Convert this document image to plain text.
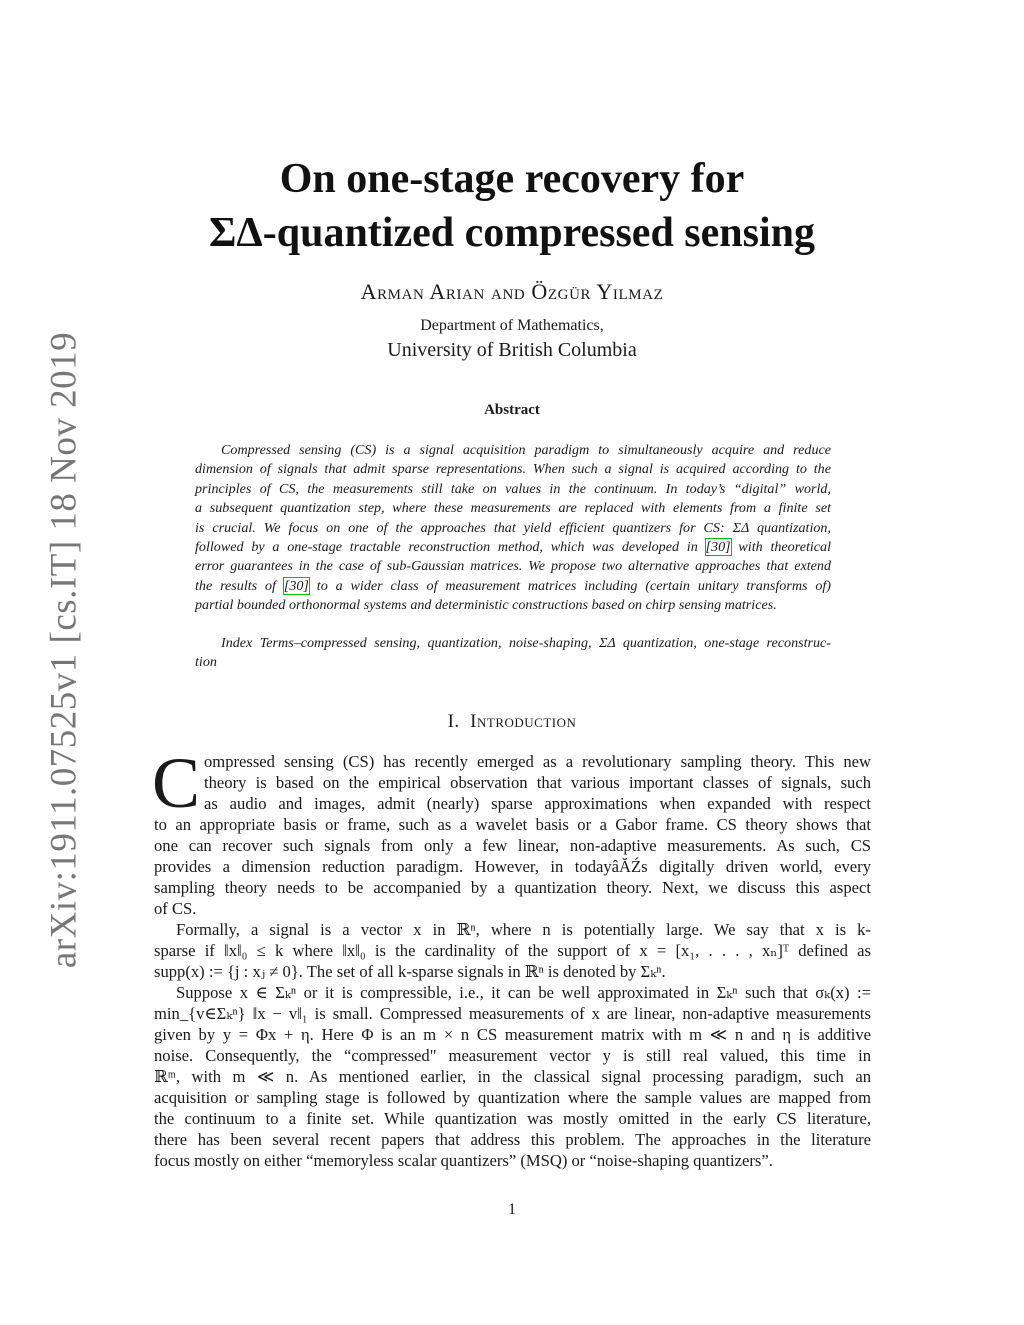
arXiv:1911.07525v1 [cs.IT] 18 Nov 2019
On one-stage recovery for
ΣΔ-quantized compressed sensing
Arman Arian and Özgür Yilmaz
Department of Mathematics,
University of British Columbia
Abstract
Compressed sensing (CS) is a signal acquisition paradigm to simultaneously acquire and reduce
dimension of signals that admit sparse representations. When such a signal is acquired according to the
principles of CS, the measurements still take on values in the continuum. In today’s “digital” world,
a subsequent quantization step, where these measurements are replaced with elements from a finite set
is crucial. We focus on one of the approaches that yield efficient quantizers for CS: ΣΔ quantization,
followed by a one-stage tractable reconstruction method, which was developed in [30] with theoretical
error guarantees in the case of sub-Gaussian matrices. We propose two alternative approaches that extend
the results of [30] to a wider class of measurement matrices including (certain unitary transforms of)
partial bounded orthonormal systems and deterministic constructions based on chirp sensing matrices.
Index Terms–compressed sensing, quantization, noise-shaping, ΣΔ quantization, one-stage reconstruc-
tion
I. Introduction
C ompressed sensing (CS) has recently emerged as a revolutionary sampling theory. This new
theory is based on the empirical observation that various important classes of signals, such
as audio and images, admit (nearly) sparse approximations when expanded with respect
to an appropriate basis or frame, such as a wavelet basis or a Gabor frame. CS theory shows that
one can recover such signals from only a few linear, non-adaptive measurements. As such, CS
provides a dimension reduction paradigm. However, in todayâĂŹs digitally driven world, every
sampling theory needs to be accompanied by a quantization theory. Next, we discuss this aspect
of CS.
Formally, a signal is a vector x in ℝⁿ, where n is potentially large. We say that x is k-
sparse if ‖x‖₀ ≤ k where ‖x‖₀ is the cardinality of the support of x = [x₁, . . . , xₙ]ᵀ defined as
supp(x) := {j : xⱼ ≠ 0}. The set of all k-sparse signals in ℝⁿ is denoted by Σₖⁿ.
Suppose x ∈ Σₖⁿ or it is compressible, i.e., it can be well approximated in Σₖⁿ such that σₖ(x) :=
min_{v∈Σₖⁿ} ‖x − v‖₁ is small. Compressed measurements of x are linear, non-adaptive measurements
given by y = Φx + η. Here Φ is an m × n CS measurement matrix with m ≪ n and η is additive
noise. Consequently, the “compressed" measurement vector y is still real valued, this time in
ℝᵐ, with m ≪ n. As mentioned earlier, in the classical signal processing paradigm, such an
acquisition or sampling stage is followed by quantization where the sample values are mapped from
the continuum to a finite set. While quantization was mostly omitted in the early CS literature,
there has been several recent papers that address this problem. The approaches in the literature
focus mostly on either “memoryless scalar quantizers” (MSQ) or “noise-shaping quantizers”.
1
